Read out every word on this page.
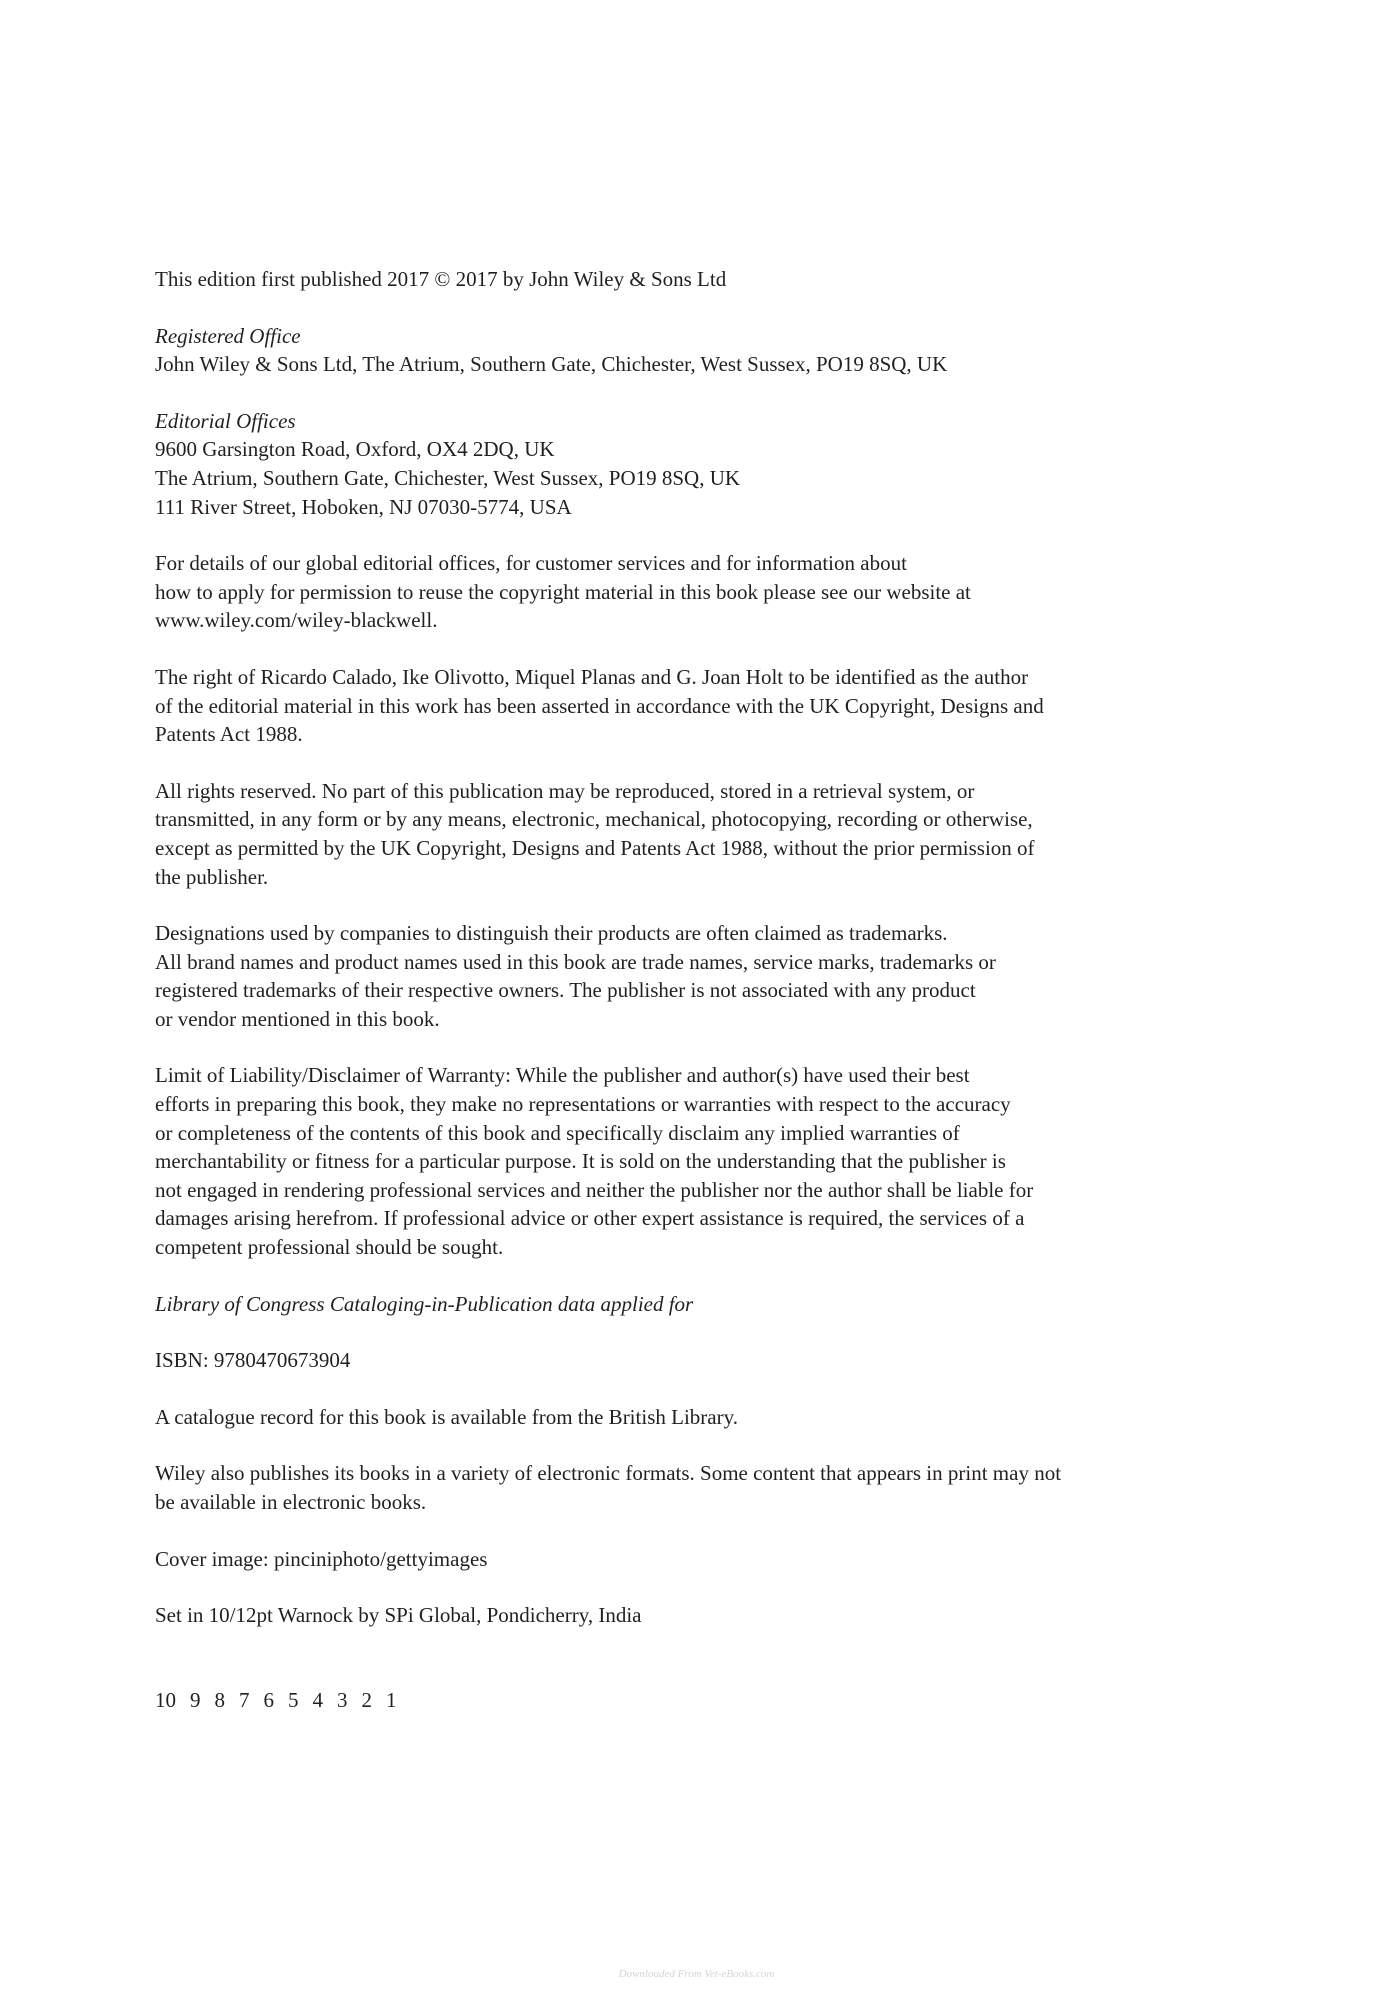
This edition first published 2017 © 2017 by John Wiley & Sons Ltd
Registered Office
John Wiley & Sons Ltd, The Atrium, Southern Gate, Chichester, West Sussex, PO19 8SQ, UK
Editorial Offices
9600 Garsington Road, Oxford, OX4 2DQ, UK
The Atrium, Southern Gate, Chichester, West Sussex, PO19 8SQ, UK
111 River Street, Hoboken, NJ 07030-5774, USA
For details of our global editorial offices, for customer services and for information about
how to apply for permission to reuse the copyright material in this book please see our website at
www.wiley.com/wiley-blackwell.
The right of Ricardo Calado, Ike Olivotto, Miquel Planas and G. Joan Holt to be identified as the author
of the editorial material in this work has been asserted in accordance with the UK Copyright, Designs and
Patents Act 1988.
All rights reserved. No part of this publication may be reproduced, stored in a retrieval system, or
transmitted, in any form or by any means, electronic, mechanical, photocopying, recording or otherwise,
except as permitted by the UK Copyright, Designs and Patents Act 1988, without the prior permission of
the publisher.
Designations used by companies to distinguish their products are often claimed as trademarks.
All brand names and product names used in this book are trade names, service marks, trademarks or
registered trademarks of their respective owners. The publisher is not associated with any product
or vendor mentioned in this book.
Limit of Liability/Disclaimer of Warranty: While the publisher and author(s) have used their best
efforts in preparing this book, they make no representations or warranties with respect to the accuracy
or completeness of the contents of this book and specifically disclaim any implied warranties of
merchantability or fitness for a particular purpose. It is sold on the understanding that the publisher is
not engaged in rendering professional services and neither the publisher nor the author shall be liable for
damages arising herefrom. If professional advice or other expert assistance is required, the services of a
competent professional should be sought.
Library of Congress Cataloging-in-Publication data applied for
ISBN: 9780470673904
A catalogue record for this book is available from the British Library.
Wiley also publishes its books in a variety of electronic formats. Some content that appears in print may not
be available in electronic books.
Cover image: pinciniphoto/gettyimages
Set in 10/12pt Warnock by SPi Global, Pondicherry, India
10 9 8 7 6 5 4 3 2 1
Downloaded From Vet-eBooks.com
